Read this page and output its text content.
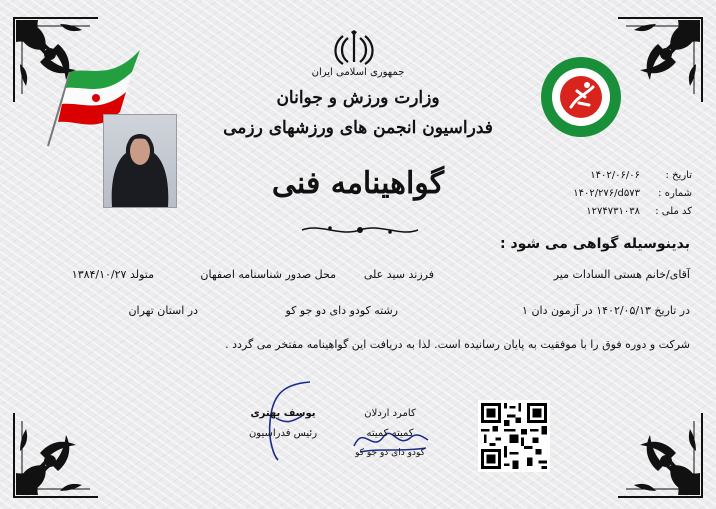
جمهوری اسلامی ایران
وزارت ورزش و جوانان
فدراسیون انجمن های ورزشهای رزمی
گواهینامه فنی	تاریخ :
۱۴۰۲/۰۶/۰۶
شماره :
۱۴۰۲/۲۷۶/d۵۷۳
کد ملی :
۱۲۷۴۷۳۱۰۳۸
بدینوسیله گواهی می شود :
آقای/خانم هستی السادات میر
فرزند سید علی
محل صدور شناسنامه اصفهان
متولد ۱۳۸۴/۱۰/۲۷
در تاریخ ۱۴۰۲/۰۵/۱۳ در آزمون دان ۱
رشته کودو دای دو جو کو
در استان تهران
شرکت و دوره فوق را با موفقیت به پایان رسانیده است. لذا به دریافت این گواهینامه مفتخر می گردد .
یوسف بهتری
رئیس فدراسیون
کامرد اردلان
کمیته کمیته
کودو دای دو جو کو
